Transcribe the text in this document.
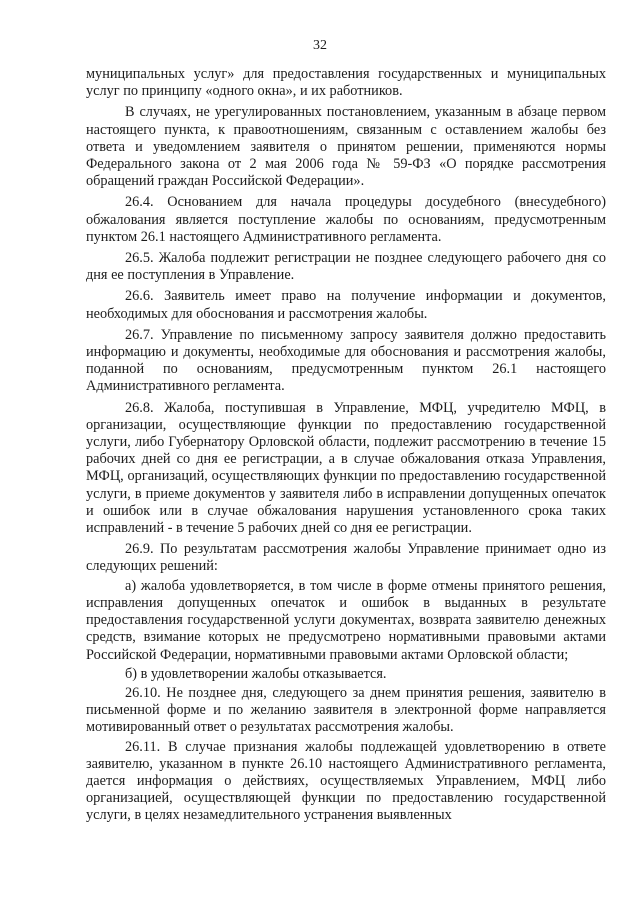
32

муниципальных услуг» для предоставления государственных и муниципальных услуг по принципу «одного окна», и их работников.

В случаях, не урегулированных постановлением, указанным в абзаце первом настоящего пункта, к правоотношениям, связанным с оставлением жалобы без ответа и уведомлением заявителя о принятом решении, применяются нормы Федерального закона от 2 мая 2006 года № 59-ФЗ «О порядке рассмотрения обращений граждан Российской Федерации».

26.4. Основанием для начала процедуры досудебного (внесудебного) обжалования является поступление жалобы по основаниям, предусмотренным пунктом 26.1 настоящего Административного регламента.

26.5. Жалоба подлежит регистрации не позднее следующего рабочего дня со дня ее поступления в Управление.

26.6. Заявитель имеет право на получение информации и документов, необходимых для обоснования и рассмотрения жалобы.

26.7. Управление по письменному запросу заявителя должно предоставить информацию и документы, необходимые для обоснования и рассмотрения жалобы, поданной по основаниям, предусмотренным пунктом 26.1 настоящего Административного регламента.

26.8. Жалоба, поступившая в Управление, МФЦ, учредителю МФЦ, в организации, осуществляющие функции по предоставлению государственной услуги, либо Губернатору Орловской области, подлежит рассмотрению в течение 15 рабочих дней со дня ее регистрации, а в случае обжалования отказа Управления, МФЦ, организаций, осуществляющих функции по предоставлению государственной услуги, в приеме документов у заявителя либо в исправлении допущенных опечаток и ошибок или в случае обжалования нарушения установленного срока таких исправлений - в течение 5 рабочих дней со дня ее регистрации.

26.9. По результатам рассмотрения жалобы Управление принимает одно из следующих решений:

а) жалоба удовлетворяется, в том числе в форме отмены принятого решения, исправления допущенных опечаток и ошибок в выданных в результате предоставления государственной услуги документах, возврата заявителю денежных средств, взимание которых не предусмотрено нормативными правовыми актами Российской Федерации, нормативными правовыми актами Орловской области;

б) в удовлетворении жалобы отказывается.

26.10. Не позднее дня, следующего за днем принятия решения, заявителю в письменной форме и по желанию заявителя в электронной форме направляется мотивированный ответ о результатах рассмотрения жалобы.

26.11. В случае признания жалобы подлежащей удовлетворению в ответе заявителю, указанном в пункте 26.10 настоящего Административного регламента, дается информация о действиях, осуществляемых Управлением, МФЦ либо организацией, осуществляющей функции по предоставлению государственной услуги, в целях незамедлительного устранения выявленных
